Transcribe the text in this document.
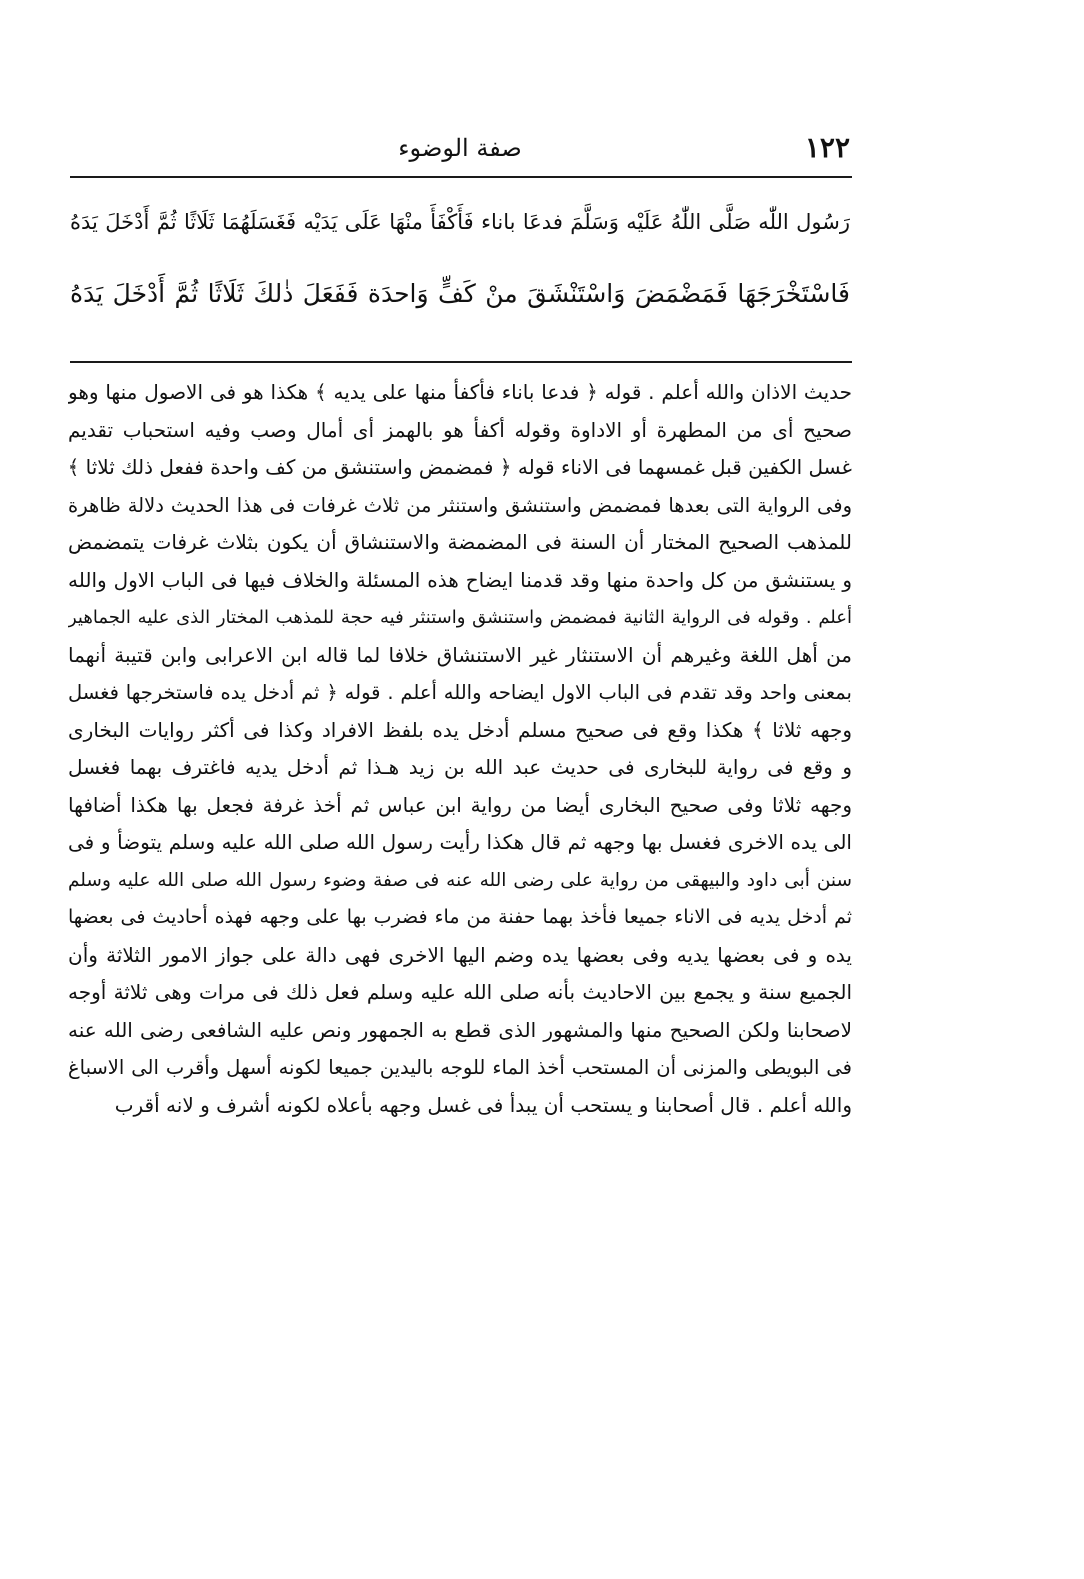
١٢٢
صفة الوضوء
رَسُول اللّٰه صَلَّى اللّٰهُ عَلَيْه وَسَلَّمَ فدعَا باناء فَأَكْفَأَ منْهَا عَلَى يَدَيْه فَغَسَلَهُمَا ثَلَاثًا ثُمَّ أَدْخَلَ يَدَهُ
فَاسْتَخْرَجَهَا فَمَضْمَضَ وَاسْتَنْشَقَ منْ كَفٍّ وَاحدَة فَفَعَلَ ذٰلكَ ثَلَاثًا ثُمَّ أَدْخَلَ يَدَهُ
حديث الاذان والله أعلم . قوله ﴿ فدعا باناء فأكفأ منها على يديه ﴾ هكذا هو فى الاصول منها وهو
صحيح أى من المطهرة أو الاداوة وقوله أكفأ هو بالهمز أى أمال وصب وفيه استحباب تقديم
غسل الكفين قبل غمسهما فى الاناء قوله ﴿ فمضمض واستنشق من كف واحدة ففعل ذلك ثلاثا ﴾
وفى الرواية التى بعدها فمضمض واستنشق واستنثر من ثلاث غرفات فى هذا الحديث دلالة ظاهرة
للمذهب الصحيح المختار أن السنة فى المضمضة والاستنشاق أن يكون بثلاث غرفات يتمضمض
و يستنشق من كل واحدة منها وقد قدمنا ايضاح هذه المسئلة والخلاف فيها فى الباب الاول والله
أعلم . وقوله فى الرواية الثانية فمضمض واستنشق واستنثر فيه حجة للمذهب المختار الذى عليه الجماهير
من أهل اللغة وغيرهم أن الاستنثار غير الاستنشاق خلافا لما قاله ابن الاعرابى وابن قتيبة أنهما
بمعنى واحد وقد تقدم فى الباب الاول ايضاحه والله أعلم . قوله ﴿ ثم أدخل يده فاستخرجها فغسل
وجهه ثلاثا ﴾ هكذا وقع فى صحيح مسلم أدخل يده بلفظ الافراد وكذا فى أكثر روايات البخارى
و وقع فى رواية للبخارى فى حديث عبد الله بن زيد هـذا ثم أدخل يديه فاغترف بهما فغسل
وجهه ثلاثا وفى صحيح البخارى أيضا من رواية ابن عباس ثم أخذ غرفة فجعل بها هكذا أضافها
الى يده الاخرى فغسل بها وجهه ثم قال هكذا رأيت رسول الله صلى الله عليه وسلم يتوضأ و فى
سنن أبى داود والبيهقى من رواية على رضى الله عنه فى صفة وضوء رسول الله صلى الله عليه وسلم
ثم أدخل يديه فى الاناء جميعا فأخذ بهما حفنة من ماء فضرب بها على وجهه فهذه أحاديث فى بعضها
يده و فى بعضها يديه وفى بعضها يده وضم اليها الاخرى فهى دالة على جواز الامور الثلاثة وأن
الجميع سنة و يجمع بين الاحاديث بأنه صلى الله عليه وسلم فعل ذلك فى مرات وهى ثلاثة أوجه
لاصحابنا ولكن الصحيح منها والمشهور الذى قطع به الجمهور ونص عليه الشافعى رضى الله عنه
فى البويطى والمزنى أن المستحب أخذ الماء للوجه باليدين جميعا لكونه أسهل وأقرب الى الاسباغ
والله أعلم . قال أصحابنا و يستحب أن يبدأ فى غسل وجهه بأعلاه لكونه أشرف و لانه أقرب
